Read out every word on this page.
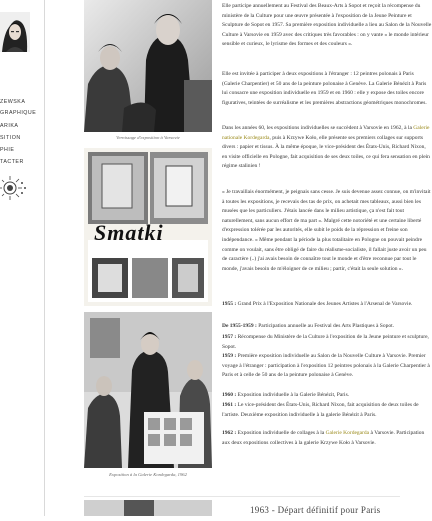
ZEWSKA
GRAPHIQUE
ARIKA
SITION
PHIE
TACTER
Vernissage d'exposition à Varsovie
Smatki
Exposition à la Galerie Kordegarda, 1962

Elle participe annuellement au Festival des Beaux-Arts à Sopot et reçoit la récompense du ministère de la Culture pour une œuvre présentée à l'exposition de la Jeune Peinture et Sculpture de Sopot en 1957. Sa première exposition individuelle a lieu au Salon de la Nouvelle Culture à Varsovie en 1959 avec des critiques très favorables : on y vante « le monde intérieur sensible et curieux, le lyrisme des formes et des couleurs ».

Elle est invitée à participer à deux expositions à l'étranger : 12 peintres polonais à Paris (Galerie Charpentier) et 50 ans de la peinture polonaise à Genève. La Galerie Bénézit à Paris lui consacre une exposition individuelle en 1959 et en 1960 : elle y expose des toiles encore figuratives, teintées de surréalisme et les premières abstractions géométriques monochromes.

Dans les années 60, les expositions individuelles se succèdent à Varsovie en 1962, à la Galerie nationale Kordegarda, puis à Krzywe Koło, elle présente ses premiers collages sur supports divers : papier et tissus. À la même époque, le vice-président des États-Unis, Richard Nixon, en visite officielle en Pologne, fait acquisition de ses deux toiles, ce qui fera sensation en plein régime stalinien !

« Je travaillais énormément, je peignais sans cesse. Je suis devenue assez connue, on m'invitait à toutes les expositions, je recevais des tas de prix, on achetait mes tableaux, aussi bien les musées que les particuliers. J'étais lancée dans le milieu artistique, ça n'est fait tout naturellement, sans aucun effort de ma part ». Malgré cette notoriété et une certaine liberté d'expression tolérée par les autorités, elle subit le poids de la répression et freine son indépendance. « Même pendant la période la plus totalitaire en Pologne on pouvait peindre comme on voulait, sans être obligé de faire du réalisme-socialiste, il fallait juste avoir un peu de caractère (..) j'ai avais besoin de connaître tout le monde et d'être reconnue par tout le monde, j'avais besoin de m'éloigner de ce milieu ; partir, c'était la seule solution ».

1955 : Grand Prix à l'Exposition Nationale des Jeunes Artistes à l'Arsenal de Varsovie.

De 1955-1959 : Participation annuelle au Festival des Arts Plastiques à Sopot.

1957 : Récompense du Ministère de la Culture à l'exposition de la Jeune peinture et sculpture, Sopot.

1959 : Première exposition individuelle au Salon de la Nouvelle Culture à Varsovie. Premier voyage à l'étranger : participation à l'exposition 12 peintres polonais à la Galerie Charpentier à Paris et à celle de 50 ans de la peinture polonaise à Genève.

1960 : Exposition individuelle à la Galerie Bénézit, Paris.

1961 : Le vice-président des États-Unis, Richard Nixon, fait acquisition de deux toiles de l'artiste. Deuxième exposition individuelle à la galerie Bénézit à Paris.

1962 : Exposition individuelle de collages à la Galerie Kordegarda à Varsovie. Participation aux deux expositions collectives à la galerie Krzywe Koło à Varsovie.

1963 - Départ définitif pour Paris
